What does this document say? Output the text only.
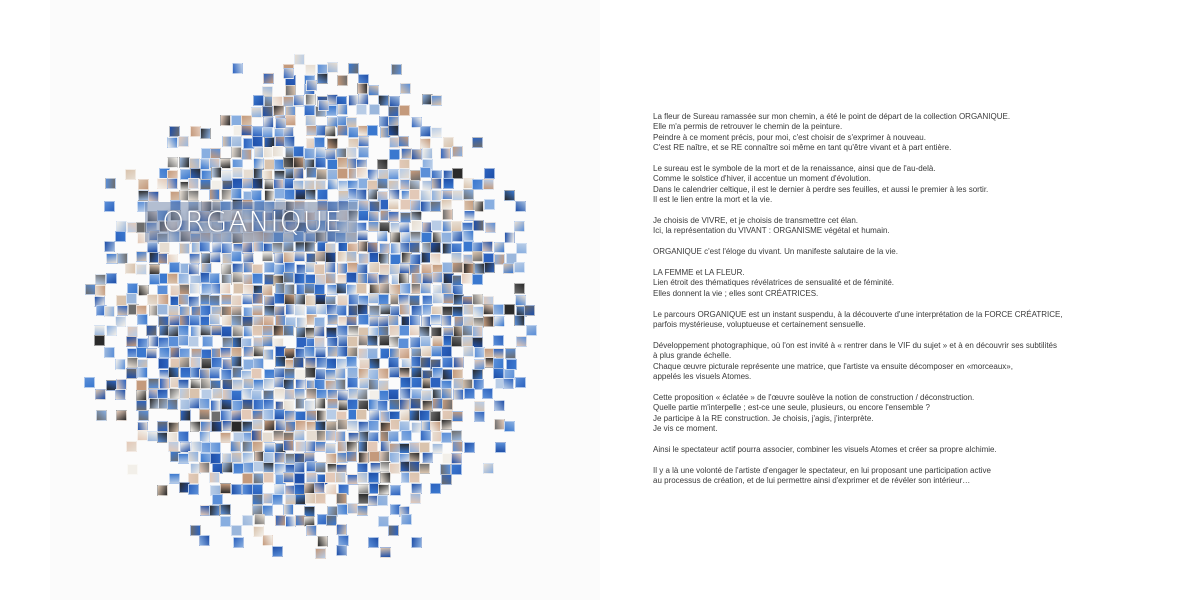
ORGANIQUE

La fleur de Sureau ramassée sur mon chemin, a été le point de départ de la collection ORGANIQUE.
Elle m'a permis de retrouver le chemin de la peinture.
Peindre à ce moment précis, pour moi, c'est choisir de s'exprimer à nouveau.
C'est RE naître, et se RE connaître soi même en tant qu'être vivant et à part entière.

Le sureau est le symbole de la mort et de la renaissance, ainsi que de l'au-delà.
Comme le solstice d'hiver, il accentue un moment d'évolution.
Dans le calendrier celtique, il est le dernier à perdre ses feuilles, et aussi le premier à les sortir.
Il est le lien entre la mort et la vie.

Je choisis de VIVRE, et je choisis de transmettre cet élan.
Ici, la représentation du VIVANT : ORGANISME végétal et humain.

ORGANIQUE c'est l'éloge du vivant. Un manifeste salutaire de la vie.

LA FEMME et LA FLEUR.
Lien étroit des thématiques révélatrices de sensualité et de féminité.
Elles donnent la vie ; elles sont CRÉATRICES.

Le parcours ORGANIQUE est un instant suspendu, à la découverte d'une interprétation de la FORCE CRÉATRICE,
parfois mystérieuse, voluptueuse et certainement sensuelle.

Développement photographique, où l'on est invité à « rentrer dans le VIF du sujet » et à en découvrir ses subtilités
à plus grande échelle.
Chaque œuvre picturale représente une matrice, que l'artiste va ensuite décomposer en «morceaux»,
appelés les visuels Atomes.

Cette proposition « éclatée » de l'œuvre soulève la notion de construction / déconstruction.
Quelle partie m'interpelle ; est-ce une seule, plusieurs, ou encore l'ensemble ?
Je participe à la RE construction. Je choisis, j'agis, j'interprète.
Je vis ce moment.

Ainsi le spectateur actif pourra associer, combiner les visuels Atomes et créer sa propre alchimie.

Il y a là une volonté de l'artiste d'engager le spectateur, en lui proposant une participation active
au processus de création, et de lui permettre ainsi d'exprimer et de révéler son intérieur…
